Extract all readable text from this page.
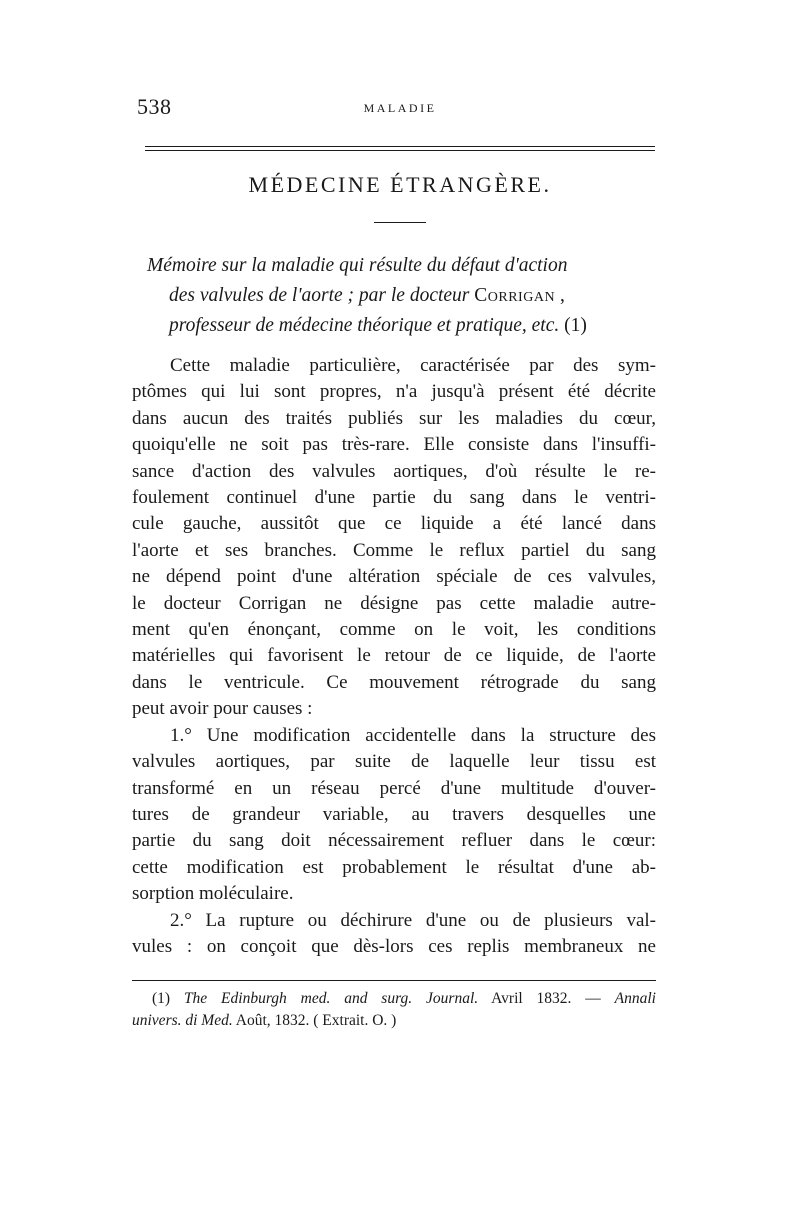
538	MALADIE
MÉDECINE ÉTRANGÈRE.
Mémoire sur la maladie qui résulte du défaut d'action
des valvules de l'aorte ; par le docteur Corrigan ,
professeur de médecine théorique et pratique, etc. (1)
Cette maladie particulière, caractérisée par des sym-
ptômes qui lui sont propres, n'a jusqu'à présent été décrite
dans aucun des traités publiés sur les maladies du cœur,
quoiqu'elle ne soit pas très-rare. Elle consiste dans l'insuffi-
sance d'action des valvules aortiques, d'où résulte le re-
foulement continuel d'une partie du sang dans le ventri-
cule gauche, aussitôt que ce liquide a été lancé dans
l'aorte et ses branches. Comme le reflux partiel du sang
ne dépend point d'une altération spéciale de ces valvules,
le docteur Corrigan ne désigne pas cette maladie autre-
ment qu'en énonçant, comme on le voit, les conditions
matérielles qui favorisent le retour de ce liquide, de l'aorte
dans le ventricule. Ce mouvement rétrograde du sang
peut avoir pour causes :
1.° Une modification accidentelle dans la structure des
valvules aortiques, par suite de laquelle leur tissu est
transformé en un réseau percé d'une multitude d'ouver-
tures de grandeur variable, au travers desquelles une
partie du sang doit nécessairement refluer dans le cœur:
cette modification est probablement le résultat d'une ab-
sorption moléculaire.
2.° La rupture ou déchirure d'une ou de plusieurs val-
vules : on conçoit que dès-lors ces replis membraneux ne
(1) The Edinburgh med. and surg. Journal. Avril 1832. — Annali
univers. di Med. Août, 1832. ( Extrait. O. )
